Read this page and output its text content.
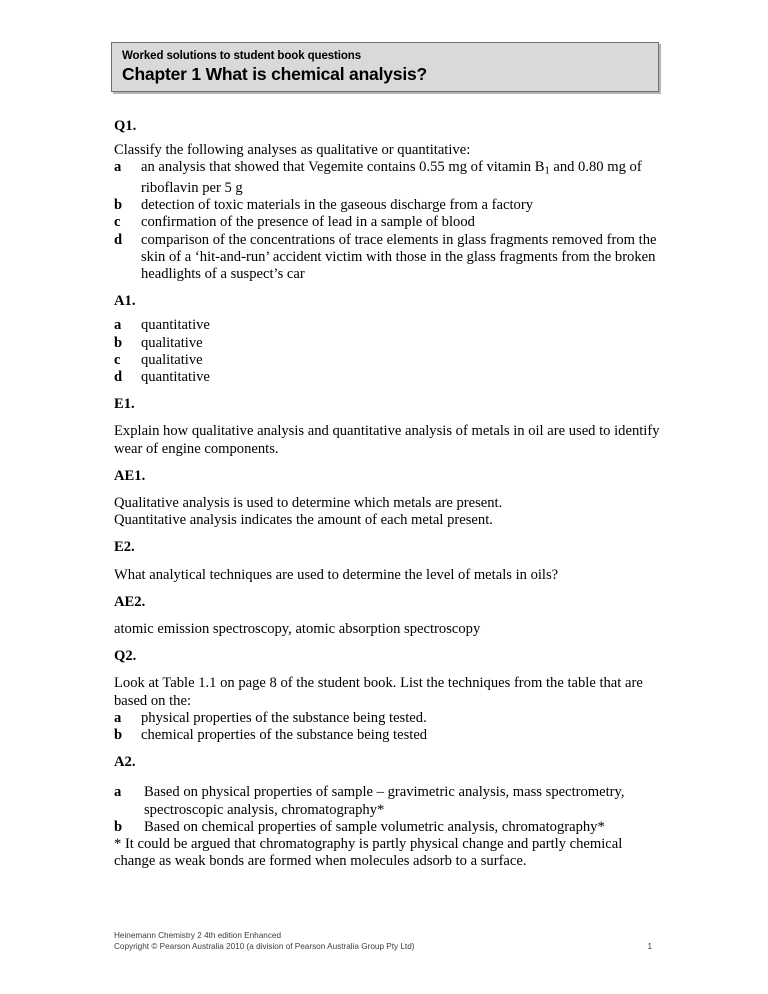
Worked solutions to student book questions
Chapter 1 What is chemical analysis?
Q1.
Classify the following analyses as qualitative or quantitative:
a an analysis that showed that Vegemite contains 0.55 mg of vitamin $B_1$ and 0.80 mg of riboflavin per 5 g
b detection of toxic materials in the gaseous discharge from a factory
c confirmation of the presence of lead in a sample of blood
d comparison of the concentrations of trace elements in glass fragments removed from the skin of a ‘hit-and-run’ accident victim with those in the glass fragments from the broken headlights of a suspect’s car
A1.
a quantitative
b qualitative
c qualitative
d quantitative
E1.
Explain how qualitative analysis and quantitative analysis of metals in oil are used to identify wear of engine components.
AE1.
Qualitative analysis is used to determine which metals are present.
Quantitative analysis indicates the amount of each metal present.
E2.
What analytical techniques are used to determine the level of metals in oils?
AE2.
atomic emission spectroscopy, atomic absorption spectroscopy
Q2.
Look at Table 1.1 on page 8 of the student book. List the techniques from the table that are based on the:
a physical properties of the substance being tested.
b chemical properties of the substance being tested
A2.
a Based on physical properties of sample – gravimetric analysis, mass spectrometry, spectroscopic analysis, chromatography*
b Based on chemical properties of sample volumetric analysis, chromatography*
* It could be argued that chromatography is partly physical change and partly chemical change as weak bonds are formed when molecules adsorb to a surface.
Heinemann Chemistry 2 4th edition Enhanced
Copyright © Pearson Australia 2010 (a division of Pearson Australia Group Pty Ltd)	1
